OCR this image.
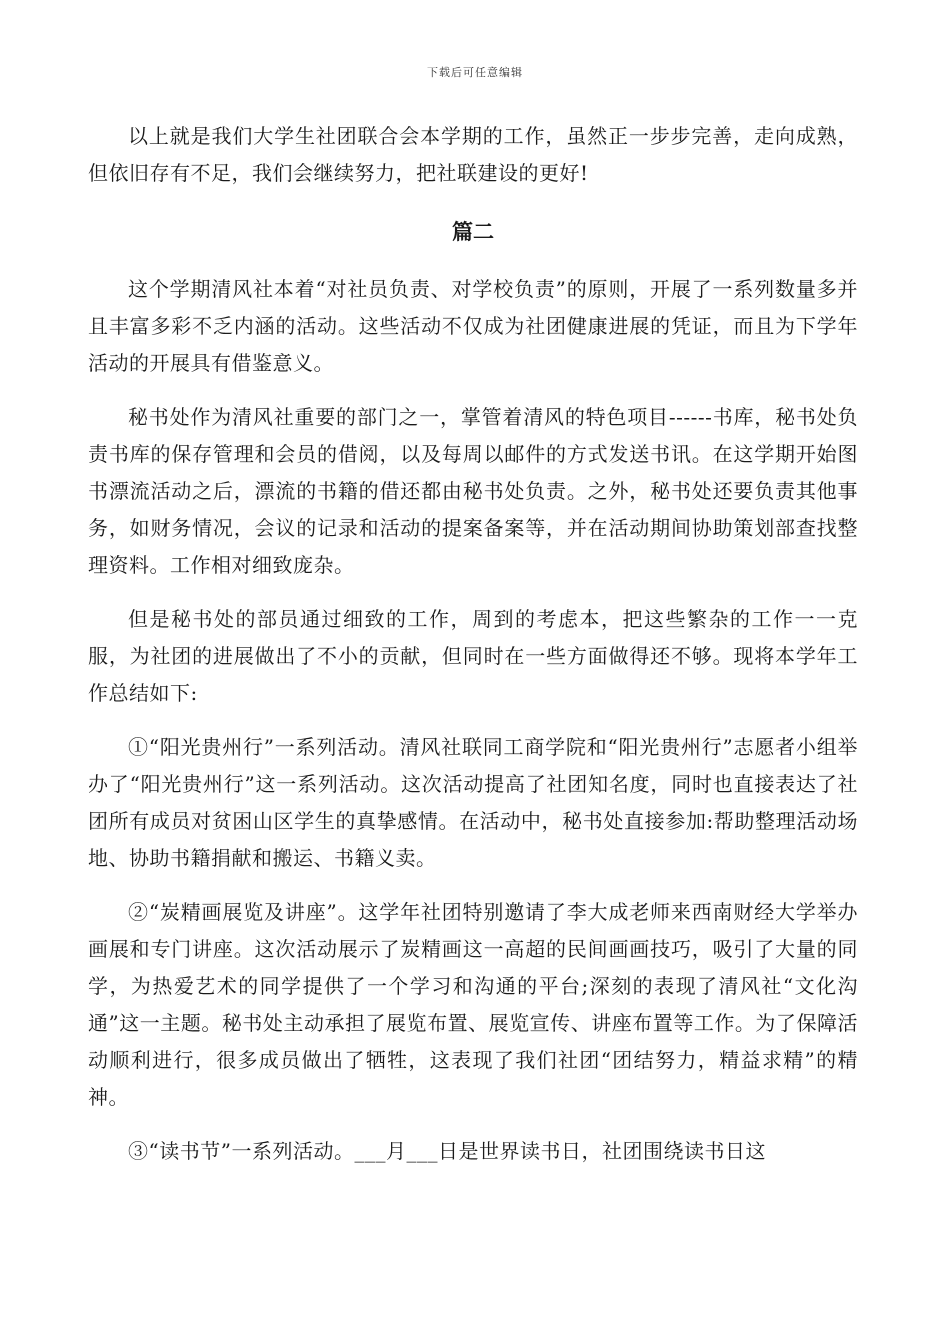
下载后可任意编辑

以上就是我们大学生社团联合会本学期的工作，虽然正一步步完善，走向成熟，但依旧存有不足，我们会继续努力，把社联建设的更好!

篇二

这个学期清风社本着“对社员负责、对学校负责”的原则，开展了一系列数量多并且丰富多彩不乏内涵的活动。这些活动不仅成为社团健康进展的凭证，而且为下学年活动的开展具有借鉴意义。

秘书处作为清风社重要的部门之一，掌管着清风的特色项目------书库，秘书处负责书库的保存管理和会员的借阅，以及每周以邮件的方式发送书讯。在这学期开始图书漂流活动之后，漂流的书籍的借还都由秘书处负责。之外，秘书处还要负责其他事务，如财务情况，会议的记录和活动的提案备案等，并在活动期间协助策划部查找整理资料。工作相对细致庞杂。

但是秘书处的部员通过细致的工作，周到的考虑本，把这些繁杂的工作一一克服，为社团的进展做出了不小的贡献，但同时在一些方面做得还不够。现将本学年工作总结如下:

①“阳光贵州行”一系列活动。清风社联同工商学院和“阳光贵州行”志愿者小组举办了“阳光贵州行”这一系列活动。这次活动提高了社团知名度，同时也直接表达了社团所有成员对贫困山区学生的真挚感情。在活动中，秘书处直接参加:帮助整理活动场地、协助书籍捐献和搬运、书籍义卖。

②“炭精画展览及讲座”。这学年社团特别邀请了李大成老师来西南财经大学举办画展和专门讲座。这次活动展示了炭精画这一高超的民间画画技巧，吸引了大量的同学，为热爱艺术的同学提供了一个学习和沟通的平台;深刻的表现了清风社“文化沟通”这一主题。秘书处主动承担了展览布置、展览宣传、讲座布置等工作。为了保障活动顺利进行，很多成员做出了牺牲，这表现了我们社团“团结努力，精益求精”的精神。

③“读书节”一系列活动。___月___日是世界读书日，社团围绕读书日这
